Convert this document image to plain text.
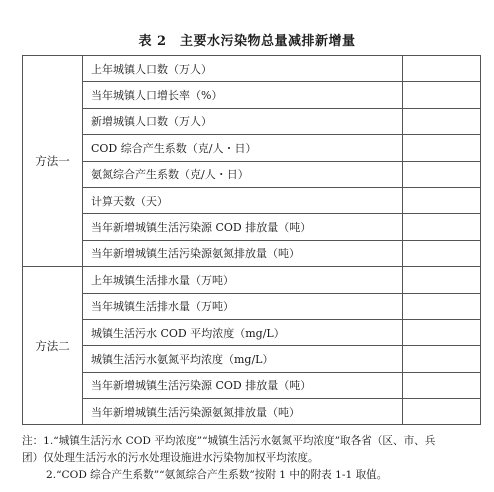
表 2　主要水污染物总量减排新增量
方法一	上年城镇人口数（万人）	
	当年城镇人口增长率（%）	
	新增城镇人口数（万人）	
	COD 综合产生系数（克/人・日）	
	氨氮综合产生系数（克/人・日）	
	计算天数（天）	
	当年新增城镇生活污染源 COD 排放量（吨）	
	当年新增城镇生活污染源氨氮排放量（吨）	
方法二	上年城镇生活排水量（万吨）	
	当年城镇生活排水量（万吨）	
	城镇生活污水 COD 平均浓度（mg/L）	
	城镇生活污水氨氮平均浓度（mg/L）	
	当年新增城镇生活污染源 COD 排放量（吨）	
	当年新增城镇生活污染源氨氮排放量（吨）	

注：1.“城镇生活污水 COD 平均浓度”“城镇生活污水氨氮平均浓度”取各省（区、市、兵

团）仅处理生活污水的污水处理设施进水污染物加权平均浓度。

2.“COD 综合产生系数”“氨氮综合产生系数”按附 1 中的附表 1-1 取值。
